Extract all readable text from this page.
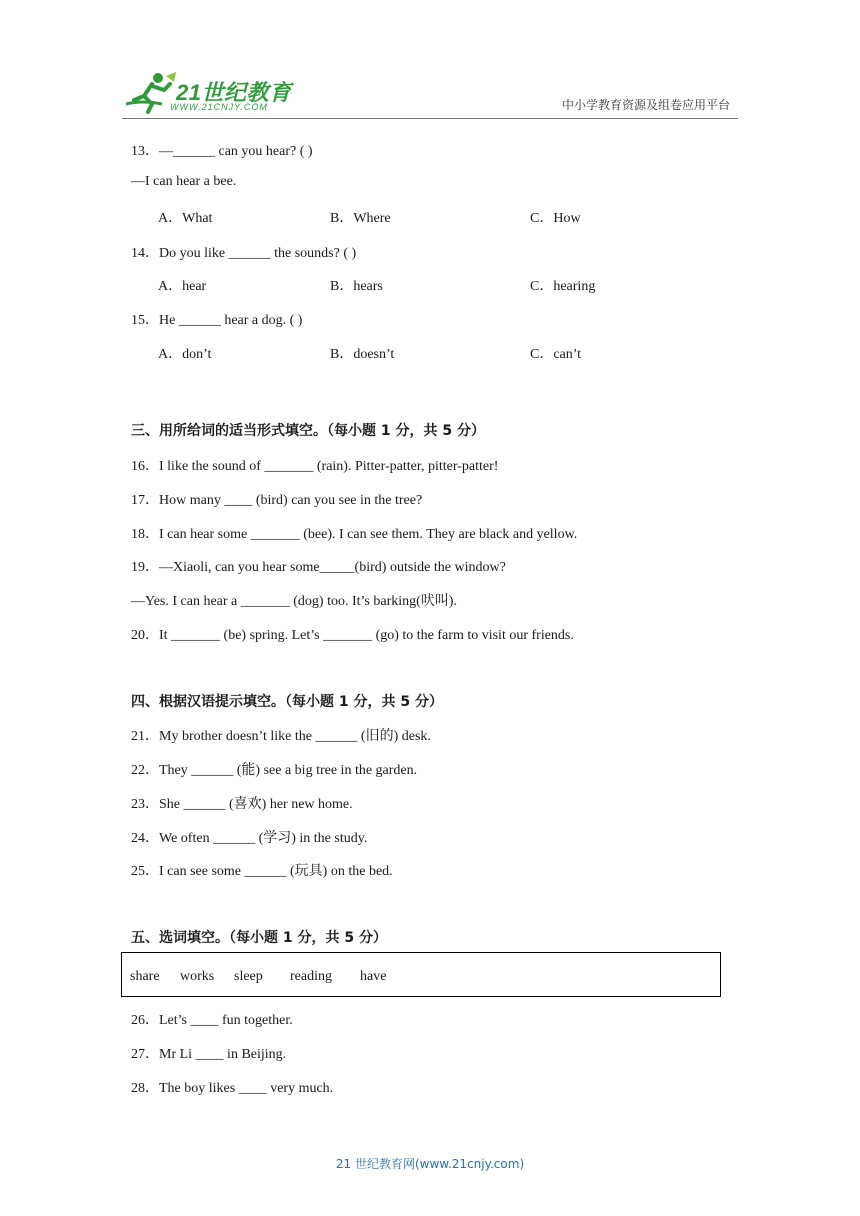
21世纪教育
WWW.21CNJY.COM	中小学教育资源及组卷应用平台
13．—______ can you hear? ( )
—I can hear a bee.
A．What	B．Where	C．How
14．Do you like ______ the sounds? ( )
A．hear	B．hears	C．hearing
15．He ______ hear a dog. ( )
A．don’t	B．doesn’t	C．can’t
三、用所给词的适当形式填空。（每小题 1 分，共 5 分）
16．I like the sound of _______ (rain). Pitter-patter, pitter-patter!
17．How many ____ (bird) can you see in the tree?
18．I can hear some _______ (bee). I can see them. They are black and yellow.
19．—Xiaoli, can you hear some_____(bird) outside the window?
—Yes. I can hear a _______ (dog) too. It’s barking(吠叫).
20．It _______ (be) spring. Let’s _______ (go) to the farm to visit our friends.
四、根据汉语提示填空。（每小题 1 分，共 5 分）
21．My brother doesn’t like the ______ (旧的) desk.
22．They ______ (能) see a big tree in the garden.
23．She ______ (喜欢) her new home.
24．We often ______ (学习) in the study.
25．I can see some ______ (玩具) on the bed.
五、选词填空。（每小题 1 分，共 5 分）
share works sleep reading have
26．Let’s ____ fun together.
27．Mr Li ____ in Beijing.
28．The boy likes ____ very much.
21 世纪教育网(www.21cnjy.com)
